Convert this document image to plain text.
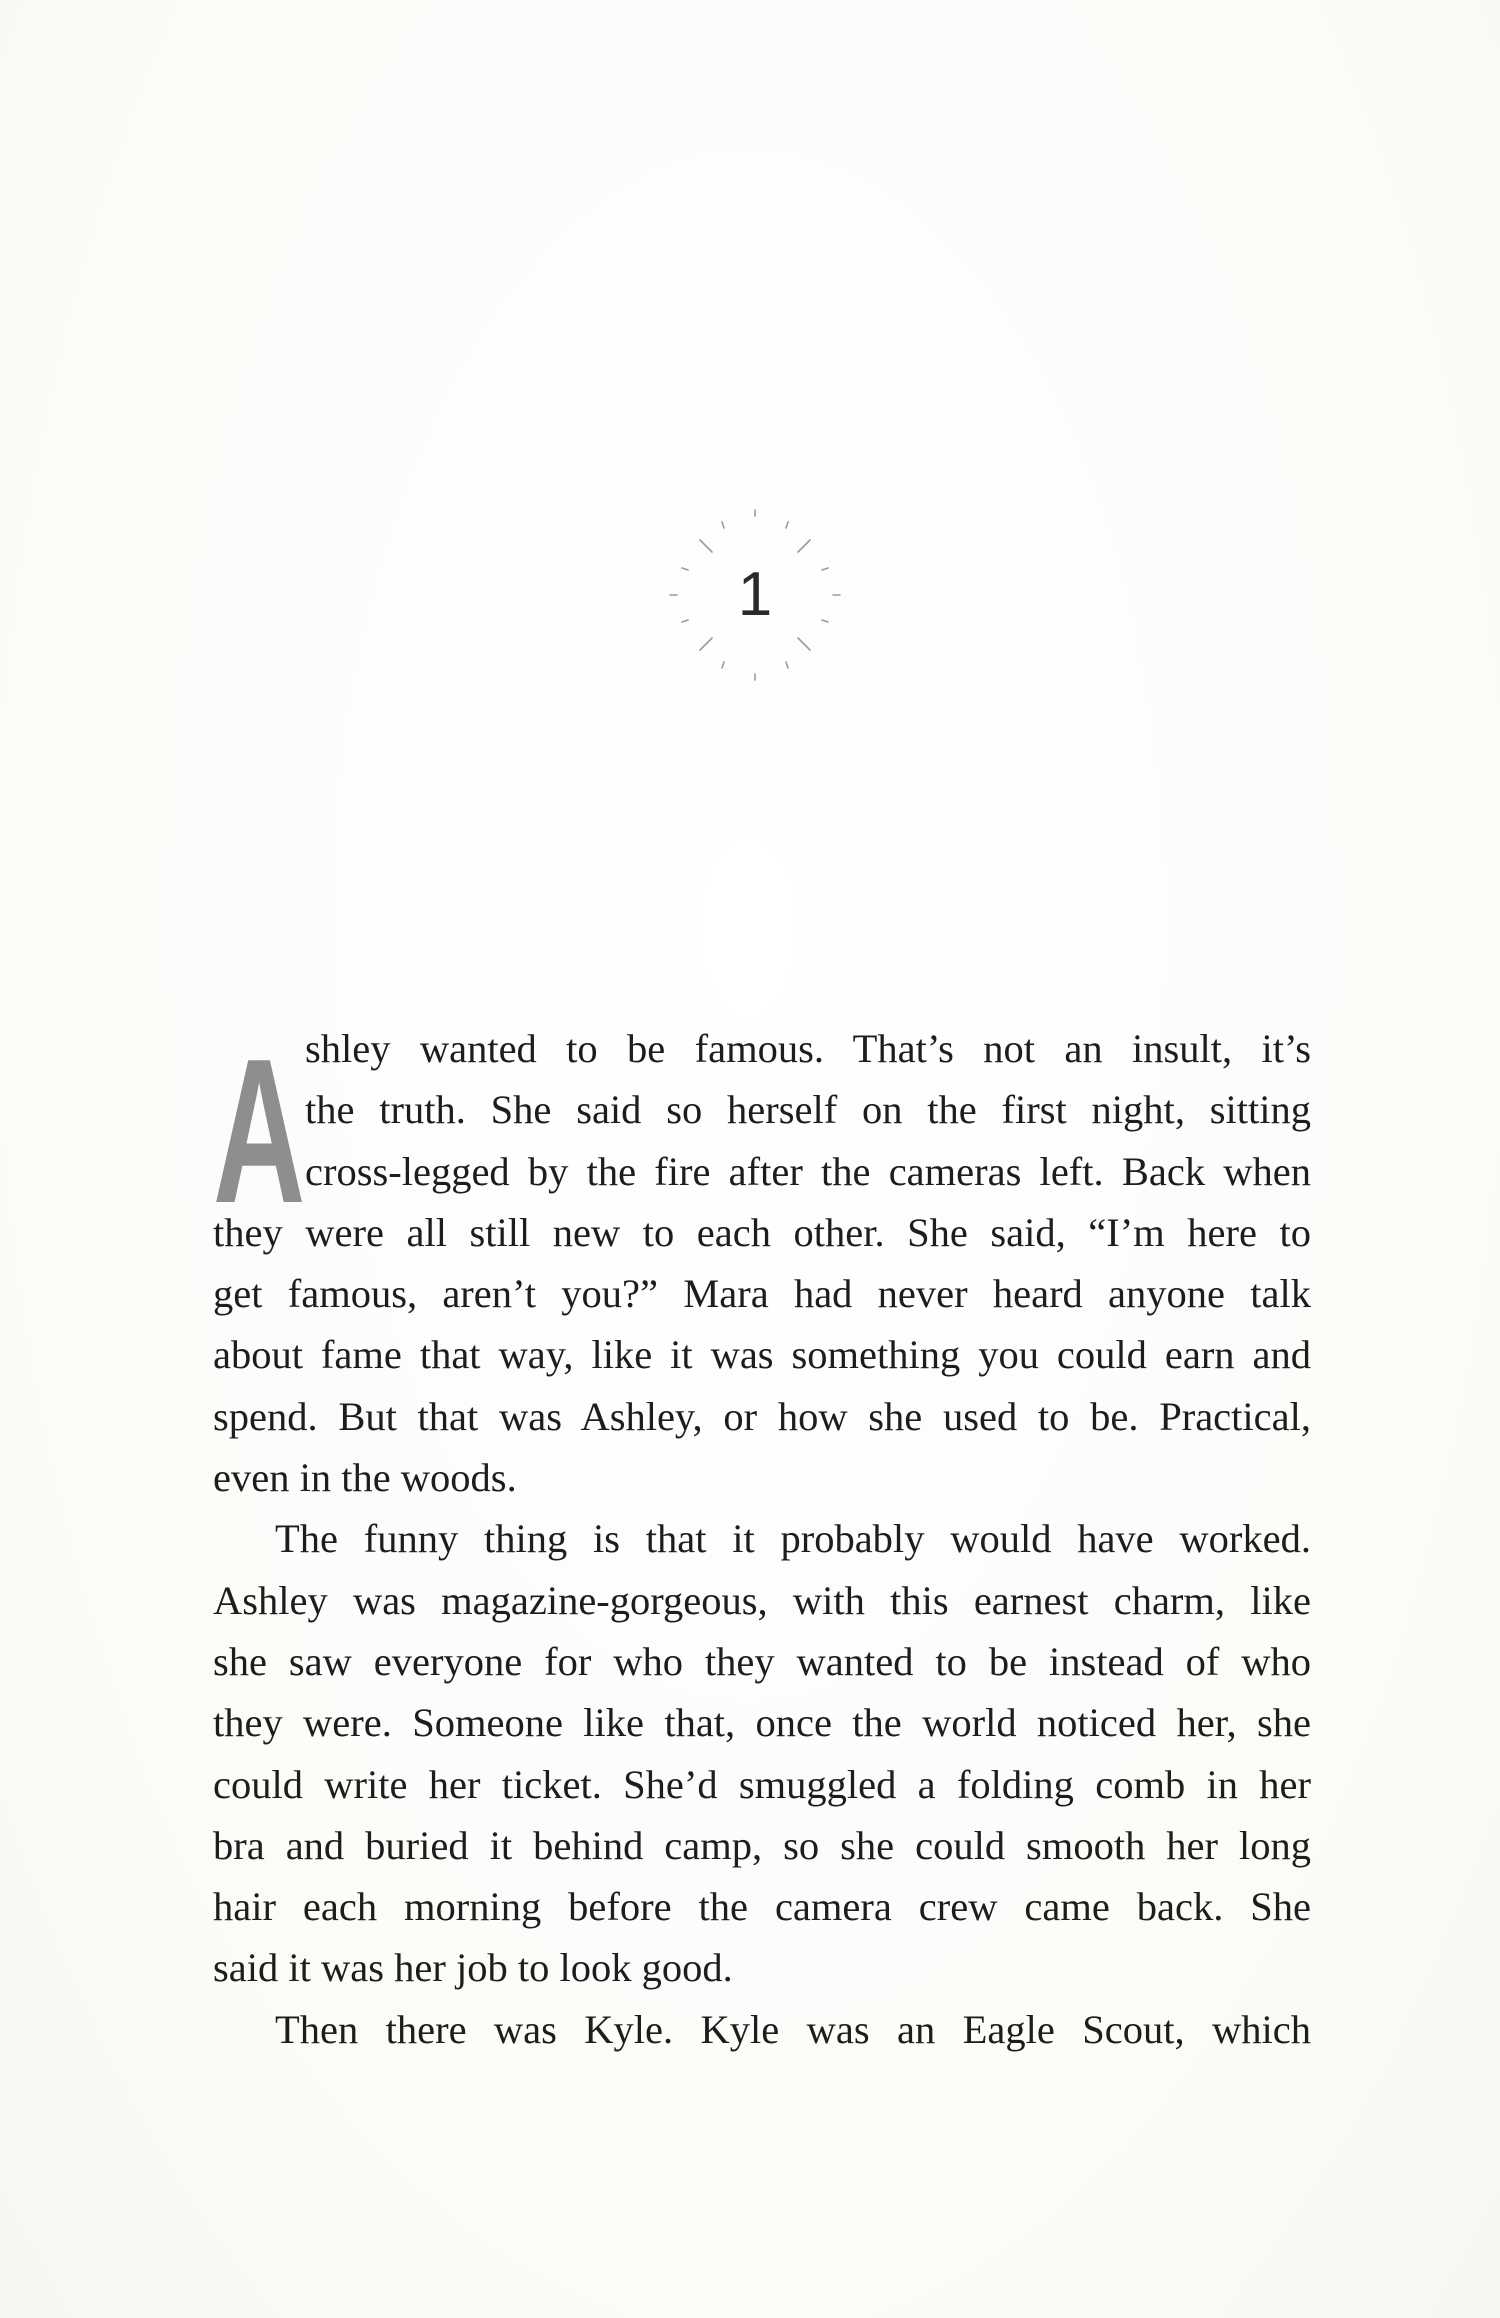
1
A shley wanted to be famous. That’s not an insult, it’s
the truth. She said so herself on the first night, sitting
cross-legged by the fire after the cameras left. Back when
they were all still new to each other. She said, “I’m here to
get famous, aren’t you?” Mara had never heard anyone talk
about fame that way, like it was something you could earn and
spend. But that was Ashley, or how she used to be. Practical,
even in the woods.
The funny thing is that it probably would have worked.
Ashley was magazine-gorgeous, with this earnest charm, like
she saw everyone for who they wanted to be instead of who
they were. Someone like that, once the world noticed her, she
could write her ticket. She’d smuggled a folding comb in her
bra and buried it behind camp, so she could smooth her long
hair each morning before the camera crew came back. She
said it was her job to look good.
Then there was Kyle. Kyle was an Eagle Scout, which
